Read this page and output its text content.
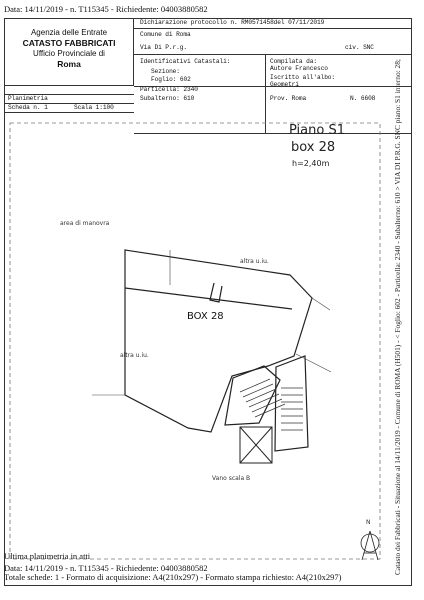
Data: 14/11/2019 - n. T115345 - Richiedente: 04003880582
Agenzia delle Entrate
CATASTO FABBRICATI
Ufficio Provinciale di
Roma
Dichiarazione protocollo n. RM0571458del 07/11/2019
Comune di Roma
Via Di P.r.g.	civ. SNC
Identificativi Catastali:
Sezione:
Foglio: 602
Particella: 2340
Subalterno: 610
Compilata da:
Autore Francesco
Iscritto all'albo:
Geometri
Prov. Roma	N. 6608
Planimetria
Scheda n. 1	Scala 1:100
Piano S1
box 28
h=2,40m
area di manovra
altra u.iu.
altra u.iu.
BOX 28
Vano scala B
N	Catasto dei Fabbricati - Situazione al 14/11/2019 - Comune di ROMA (H501) - < Foglio: 602 - Particella: 2340 - Subalterno: 610 > VIA DI P.R.G. SNC piano: S1 interno: 28;
Ultima planimetria in atti
Data: 14/11/2019 - n. T115345 - Richiedente: 04003880582
Totale schede: 1 - Formato di acquisizione: A4(210x297) - Formato stampa richiesto: A4(210x297)
